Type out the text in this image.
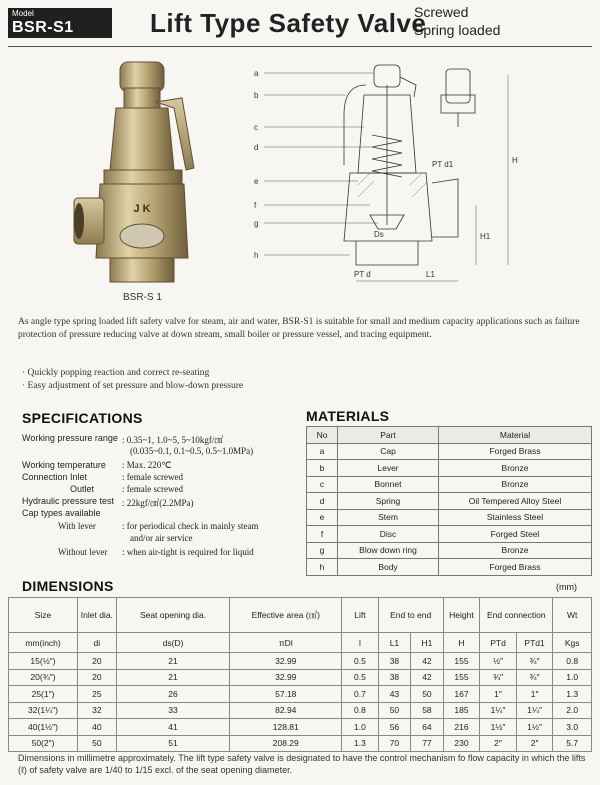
Model
BSR-S1	Lift Type Safety Valve
Screwed
Spring loaded
J K
BSR-S 1
a
b
c
d
e
f
g
h
PT d1	H
H1
Ds
PT d	L1
As angle type spring loaded lift safety valve for steam, air and water, BSR-S1 is suitable for small and medium capacity applications such as failure protection of pressure reducing valve at down stream, small boiler or pressure vessel, and tracing equipment.
· Quickly popping reaction and correct re-seating
· Easy adjustment of set pressure and blow-down pressure
SPECIFICATIONS
Working pressure range : 0.35~1, 1.0~5, 5~10kgf/㎠
(0.035~0.1, 0.1~0.5, 0.5~1.0MPa)
Working temperature : Max. 220℃
Connection Inlet	: female screwed
Outlet	: female screwed
Hydraulic pressure test : 22kgf/㎠(2.2MPa)
Cap types available
With lever	: for periodical check in mainly steam
and/or air service
Without lever : when air-tight is required for liquid
MATERIALS
No	Part	Material
a	Cap	Forged Brass
b	Lever	Bronze
c	Bonnet	Bronze
d	Spring	Oil Tempered Alloy Steel
e	Stem	Stainless Steel
f	Disc	Forged Steel
g	Blow down ring	Bronze
h	Body	Forged Brass
DIMENSIONS	(mm)
Size	Inlet dia.	Seat opening dia.	Effective area (㎠)	Lift	End to end		Height	End connection		Wt
mm(inch)	di	ds(D)	πDl	l	L1	H1	H	PTd	PTd1	Kgs
15(½″)	20	21	32.99	0.5	38	42	155	½″	¾″	0.8
20(¾″)	20	21	32.99	0.5	38	42	155	¾″	¾″	1.0
25(1″)	25	26	57.18	0.7	43	50	167	1″	1″	1.3
32(1¼″)	32	33	82.94	0.8	50	58	185	1¼″	1¼″	2.0
40(1½″)	40	41	128.81	1.0	56	64	216	1½″	1½″	3.0
50(2″)	50	51	208.29	1.3	70	77	230	2″	2″	5.7
Dimensions in millimetre approximately. The lift type safety valve is designated to have the control mechanism fo flow capacity in which the lifts (ℓ) of safety valve are 1/40 to 1/15 excl. of the seat opening diameter.
